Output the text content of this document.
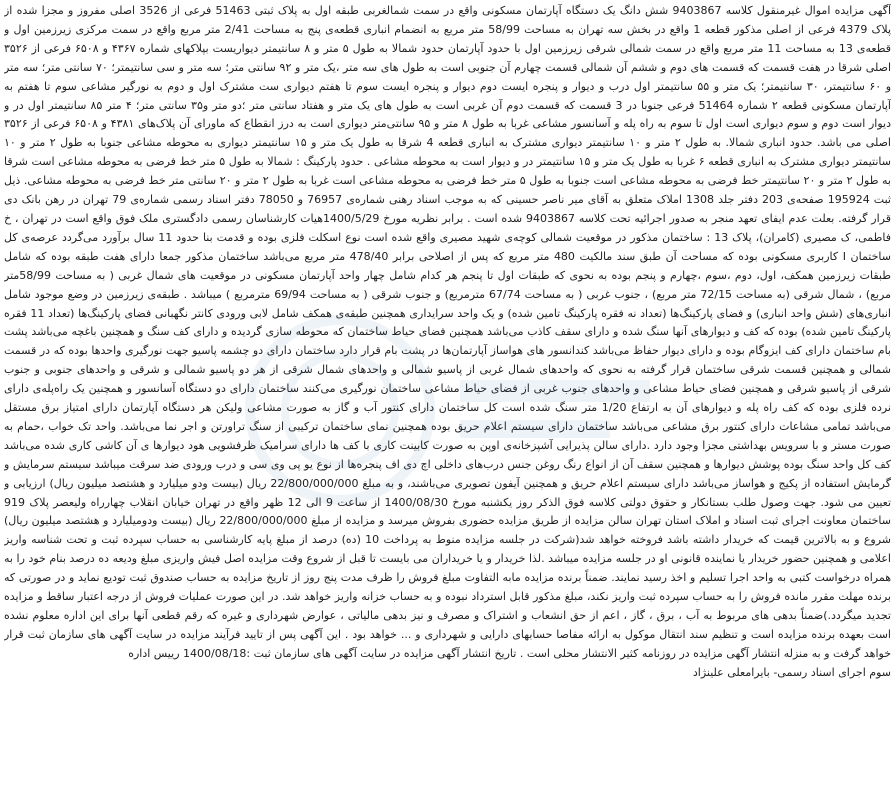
آگهی مزایده اموال غیرمنقول کلاسه 9403867 شش دانگ یک دستگاه آپارتمان مسکونی واقع در سمت شمالغربی طبقه اول به پلاک ثبتی 51463 فرعی از 3526 اصلی مفروز و مجزا شده از پلاک 4379 فرعی از اصلی مذکور قطعه 1 واقع در بخش سه تهران به مساحت 58/99 متر مربع به انضمام انباری قطعه‌ی پنج به مساحت 2/41 متر مربع واقع در سمت مرکزی زیرزمین اول و قطعه‌ی 13 به مساحت 11 متر مربع واقع در سمت شمالی شرقی زیرزمین اول با حدود آپارتمان حدود شمالا به طول ۵ متر و ۸ سانتیمتر دیواریست بپلاکهای شماره ۴۳۶۷ و ۶۵۰۸ فرعی از ۳۵۲۶ اصلی شرقا در هفت قسمت که قسمت های دوم و ششم آن شمالی قسمت چهارم آن جنوبی است به طول های سه متر ،یک متر و ۹۲ سانتی متر؛ سه متر و سی سانتیمتر؛ ۷۰ سانتی متر؛ سه متر و ۶۰ سانتیمتر، ۳۰ سانتیمتر؛ یک متر و ۵۵ سانتیمتر اول درب و دیوار و پنجره ایست دوم دیوار و پنجره ایست سوم تا هفتم دیواری ست مشترک اول و دوم به نورگیر مشاعی سوم تا هفتم به آپارتمان مسکونی قطعه ۲ شماره 51464 فرعی جنوبا در 3 قسمت که قسمت دوم آن غربی است به طول های یک متر و هفتاد سانتی متر ؛دو متر و۳۵ سانتی متر؛ ۴ متر ۸۵ سانتیمتر اول در و دیوار است دوم و سوم دیواری است اول تا سوم به راه پله و آسانسور مشاعی غربا به طول ۸ متر و ۹۵ سانتی‌متر دیواری است به درز انقطاع که ماورای آن پلاک‌های ۴۳۸۱ و ۶۵۰۸ فرعی از ۳۵۲۶ اصلی می باشد. حدود انباری شمالا. به طول ۲ متر و ۱۰ سانتیمتر دیواری مشترک به انباری قطعه 4 شرقا به طول یک متر و ۱۵ سانتیمتر دیواری به محوطه مشاعی جنوبا به طول ۲ متر و ۱۰ سانتیمتر دیواری مشترک به انباری قطعه ۶ غربا به طول یک متر و ۱۵ سانتیمتر در و دیوار است به محوطه مشاعی . حدود پارکینگ : شمالا به طول ۵ متر خط فرضی به محوطه مشاعی است شرقا به طول ۲ متر و ۲۰ سانتیمتر خط فرضی به محوطه مشاعی است جنوبا به طول ۵ متر خط فرضی به محوطه مشاعی است غربا به طول ۲ متر و ۲۰ سانتی متر خط فرضی به محوطه مشاعی. ذیل ثبت 195924 صفحه‌ی 203 دفتر جلد 1308 املاک متعلق به آقای میر ناصر حسینی که به موجب اسناد رهنی شماره‌ی 76957 و 78050 دفتر اسناد رسمی شماره‌ی 79 تهران در رهن بانک دی قرار گرفته. بعلت عدم ایفای تعهد منجر به صدور اجرائیه تحت کلاسه 9403867 شده است . برابر نظریه مورخ 1400/5/29هیات کارشناسان رسمی دادگستری ملک فوق واقع است در تهران ، خ فاطمی، ک مصیری (کامران)، پلاک 13 : ساختمان مذکور در موقعیت شمالی کوچه‌ی شهید مصیری واقع شده است نوع اسکلت فلزی بوده و قدمت بنا حدود 11 سال برآورد می‌گردد عرصه‌ی کل ساختمان I کاربری مسکونی بوده که مساحت آن طبق سند مالکیت 480 متر مربع که پس از اصلاحی برابر 478/40 متر مربع می‌باشد ساختمان مذکور جمعا دارای هفت طبقه بوده که شامل طبقات زیرزمین همکف، اول، دوم ،سوم ،چهارم و پنجم بوده به نحوی که طبقات اول تا پنجم هر کدام شامل چهار واحد آپارتمان مسکونی در موقعیت های شمال غربی ( به مساحت 58/99متر مربع) ، شمال شرقی (به مساحت 72/15 متر مربع) ، جنوب غربی ( به مساحت 67/74 مترمربع) و جنوب شرقی ( به مساحت 69/94 مترمربع ) میباشد . طبقه‌ی زیرزمین در وضع موجود شامل انباری‌های (شش واحد انباری) و فضای پارکینگ‌ها (تعداد نه فقره پارکینگ تامین شده) و یک واحد سرایداری همچنین طبقه‌ی همکف شامل لابی ورودی کانتر نگهبانی فضای پارکینگ‌ها (تعداد 11 فقره پارکینگ تامین شده) بوده که کف و دیوارهای آنها سنگ شده و دارای سقف کاذب می‌باشد همچنین فضای حیاط ساختمان که محوطه سازی گردیده و دارای کف سنگ و همچنین باغچه می‌باشد پشت بام ساختمان دارای کف ایزوگام بوده و دارای دیوار حفاظ می‌باشد کندانسور های هواساز آپارتمان‌ها در پشت بام قرار دارد ساختمان دارای دو چشمه پاسیو جهت نورگیری واحدها بوده که در قسمت شمالی و همچنین قسمت شرقی ساختمان قرار گرفته به نحوی که واحدهای شمال غربی از پاسیو شمالی و واحدهای شمال شرقی از هر دو پاسیو شمالی و شرقی و واحدهای جنوبی و جنوب شرقی از پاسیو شرقی و همچنین فضای حیاط مشاعی و واحدهای جنوب غربی از فضای حیاط مشاعی ساختمان نورگیری می‌کنند ساختمان دارای دو دستگاه آسانسور و همچنین یک راه‌پله‌ی دارای نرده فلزی بوده که کف راه پله و دیوارهای آن به ارتفاع 1/20 متر سنگ شده است کل ساختمان دارای کنتور آب و گاز به صورت مشاعی ولیکن هر دستگاه آپارتمان دارای امتیاز برق مستقل می‌باشد تمامی مشاعات دارای کنتور برق مشاعی می‌باشد ساختمان دارای سیستم اعلام حریق بوده همچنین نمای ساختمان ترکیبی از سنگ تراورتن و اجر نما می‌باشد. واحد تک خواب ،حمام به صورت مستر و با سرویس بهداشتی مجزا وجود دارد .دارای سالن پذیرایی آشپزخانه‌ی اوپن به صورت کابینت کاری با کف ها دارای سرامیک ظرفشویی هود دیوارها ی آن کاشی کاری شده می‌باشد کف کل واحد سنگ بوده پوشش دیوارها و همچنین سقف آن از انواع رنگ روغن جنس درب‌های داخلی اچ دی اف پنجره‌ها از نوع یو پی وی سی و درب ورودی ضد سرقت میباشد سیستم سرمایش و گرمایش استفاده از پکیج و هواساز می‌باشد دارای سیستم اعلام حریق و همچنین آیفون تصویری می‌باشند، و به مبلغ 22/800/000/000 ریال (بیست ودو میلیارد و هشتصد میلیون ریال) ارزیابی و تعیین می شود. جهت وصول طلب بستانکار و حقوق دولتی کلاسه فوق الذکر روز یکشنبه مورخ 1400/08/30 از ساعت 9 الی 12 ظهر واقع در تهران خیابان انقلاب چهارراه ولیعصر پلاک 919 ساختمان معاونت اجرای ثبت اسناد و املاک استان تهران سالن مزایده از طریق مزایده حضوری بفروش میرسد و مزایده از مبلغ 22/800/000/000 ریال (بیست ودومیلیارد و هشتصد میلیون ریال) شروع و به بالاترین قیمت که خریدار داشته باشد فروخته خواهد شد(شرکت در جلسه مزایده منوط به پرداخت 10 (ده) درصد از مبلغ پایه کارشناسی به حساب سپرده ثبت و تحت شناسه واریز اعلامی و همچنین حضور خریدار یا نماینده قانونی او در جلسه مزایده میباشد .لذا خریدار و یا خریداران می بایست تا قبل از شروع وقت مزایده اصل فیش واریزی مبلغ ودیعه ده درصد بنام خود را به همراه درخواست کتبی به واحد اجرا تسلیم و اخذ رسید نمایند. ضمناً برنده مزایده مابه التفاوت مبلغ فروش را ظرف مدت پنج روز از تاریخ مزایده به حساب صندوق ثبت تودیع نماید و در صورتی که برنده مهلت مقرر مانده فروش را به حساب سپرده ثبت واریز نکند، مبلغ مذکور قابل استرداد نبوده و به حساب خزانه واریز خواهد شد. در این صورت عملیات فروش از درجه اعتبار ساقط و مزایده تجدید میگردد.)ضمناً بدهی های مربوط به آب ، برق ، گاز ، اعم از حق انشعاب و اشتراک و مصرف و نیز بدهی مالیاتی ، عوارض شهرداری و غیره که رقم قطعی آنها برای این اداره معلوم نشده است بعهده برنده مزایده است و تنظیم سند انتقال موکول به ارائه مفاصا حسابهای دارایی و شهرداری و ... خواهد بود . این آگهی پس از تایید فرآیند مزایده در سایت آگهی های سازمان ثبت قرار خواهد گرفت و به منزله انتشار آگهی مزایده در روزنامه کثیر الانتشار محلی است . تاریخ انتشار آگهی مزایده در سایت آگهی های سازمان ثبت :1400/08/18 رییس اداره

سوم اجرای اسناد رسمی- بایرامعلی علینژاد
